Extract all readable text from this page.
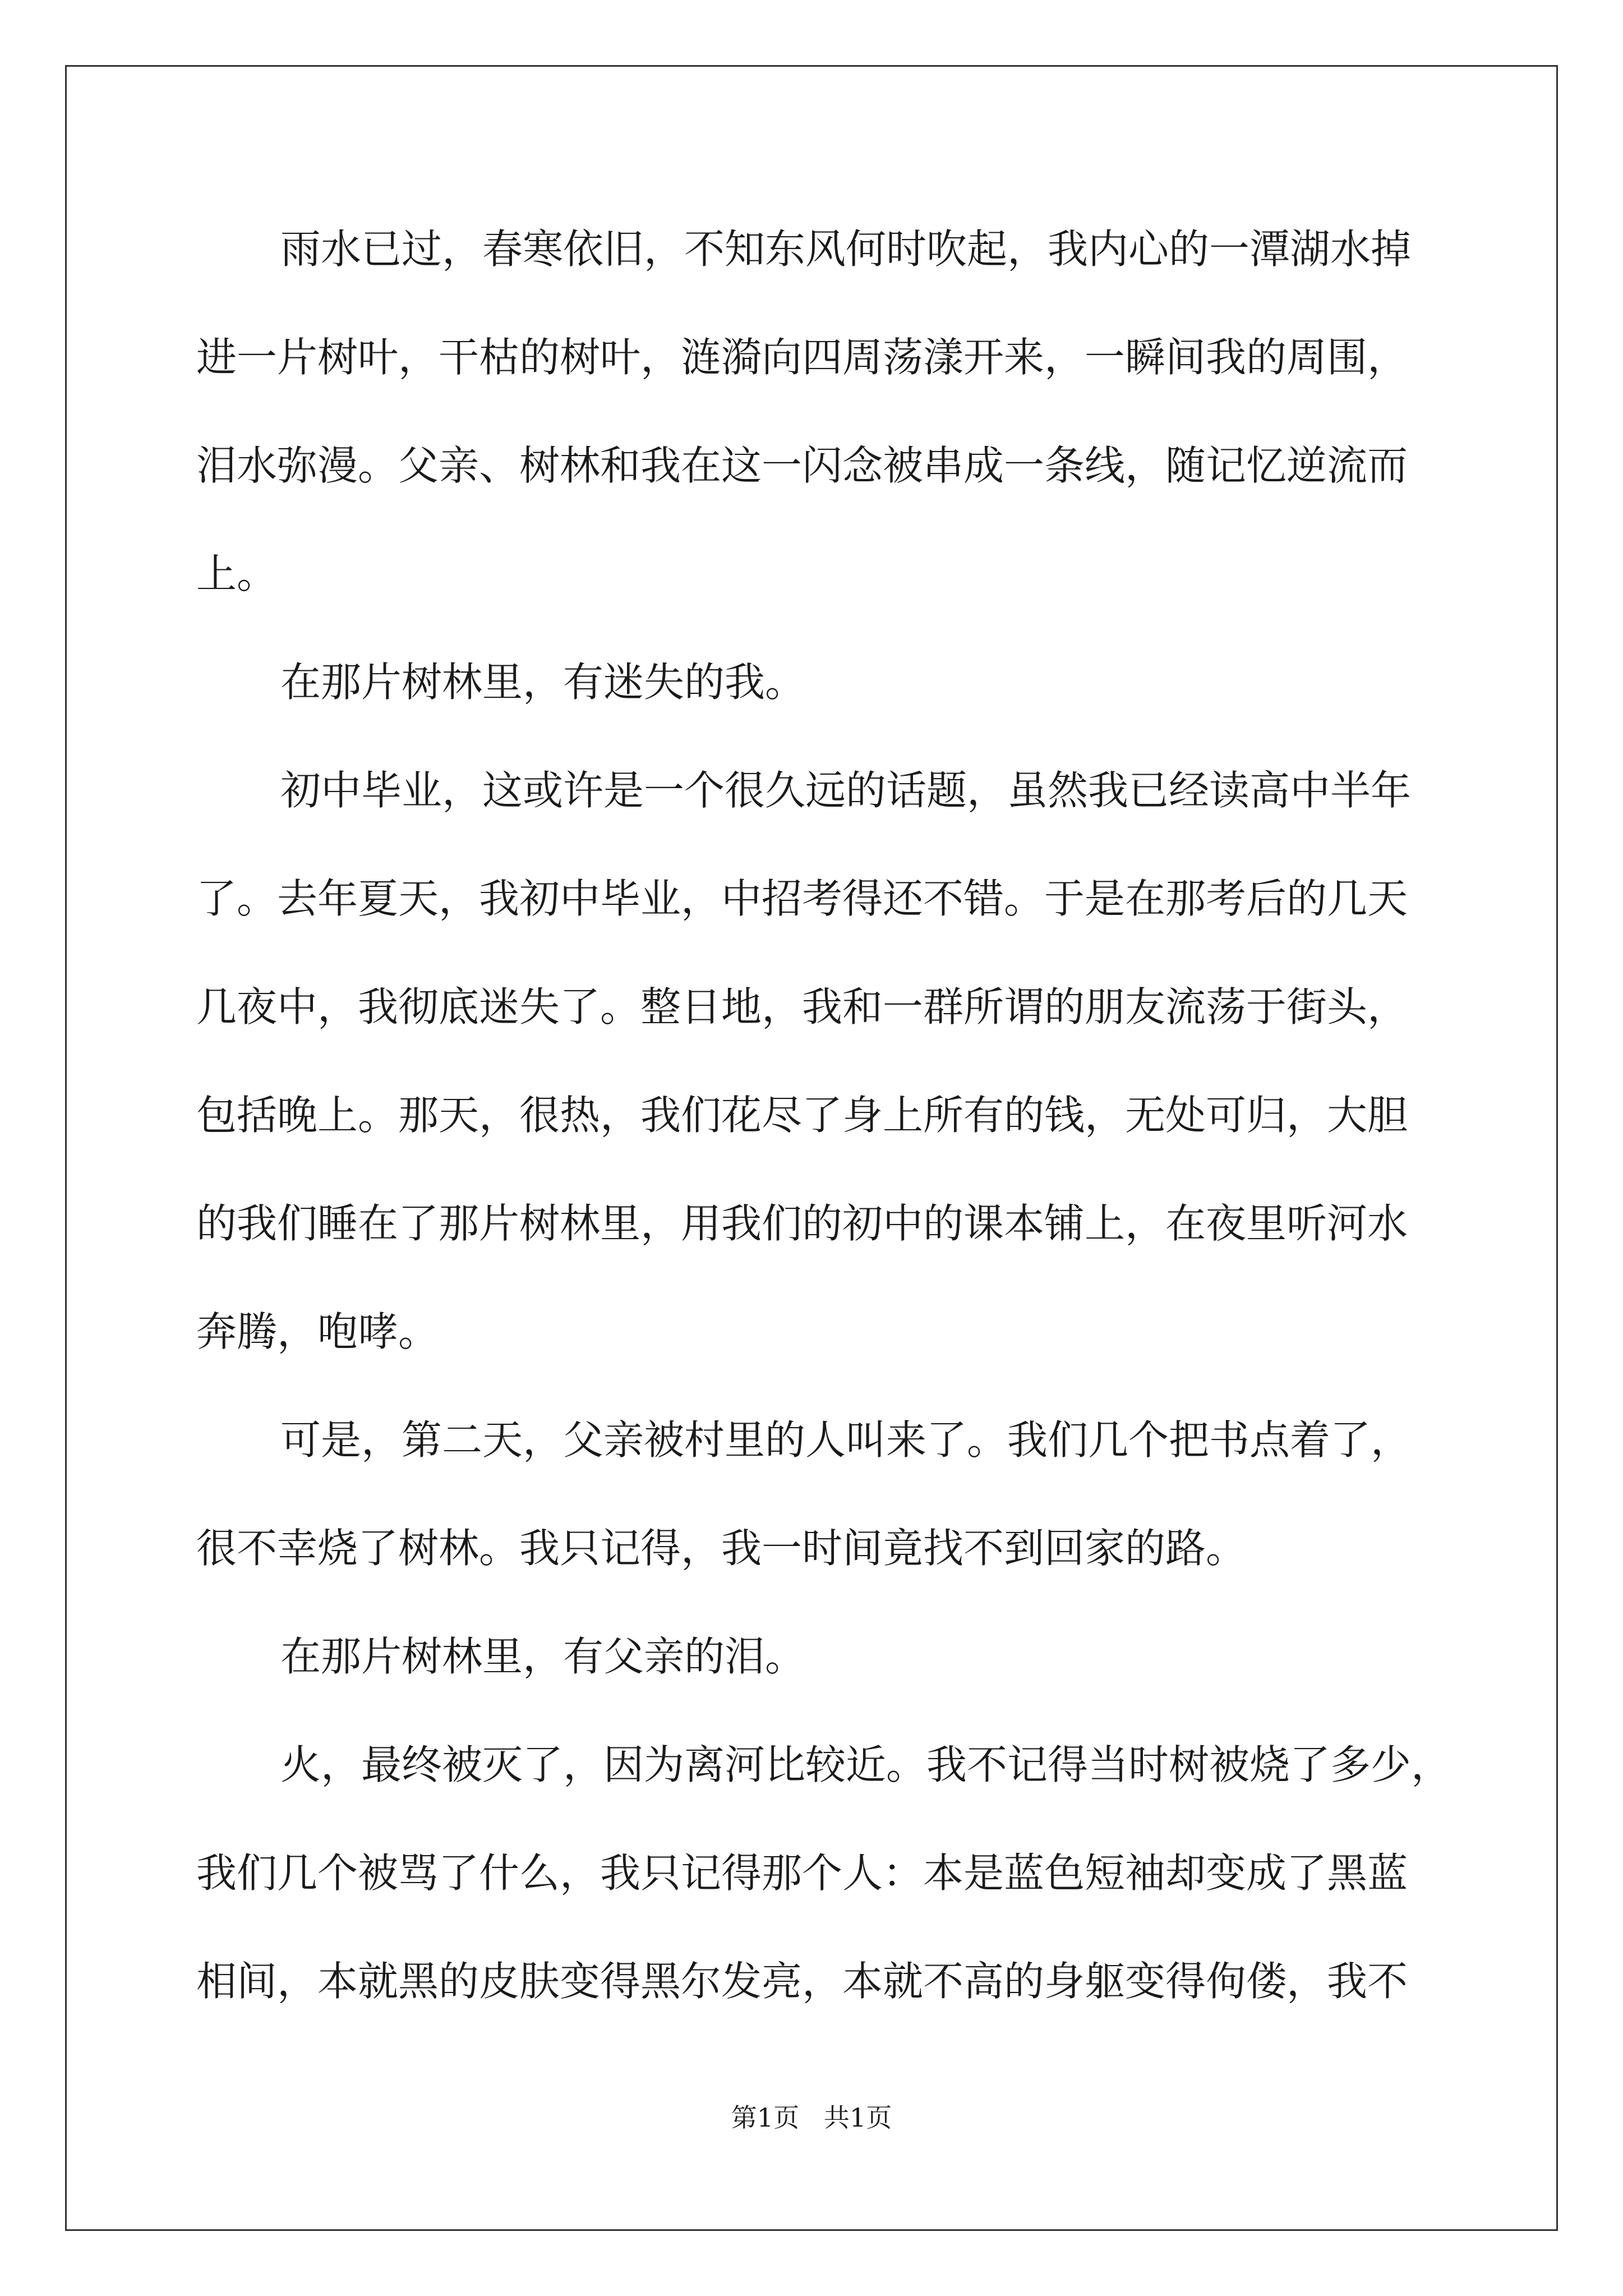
雨水已过，春寒依旧，不知东风何时吹起，我内心的一潭湖水掉
进一片树叶，干枯的树叶，涟漪向四周荡漾开来，一瞬间我的周围，
泪水弥漫。父亲、树林和我在这一闪念被串成一条线，随记忆逆流而
上。
在那片树林里，有迷失的我。
初中毕业，这或许是一个很久远的话题，虽然我已经读高中半年
了。去年夏天，我初中毕业，中招考得还不错。于是在那考后的几天
几夜中，我彻底迷失了。整日地，我和一群所谓的朋友流荡于街头，
包括晚上。那天，很热，我们花尽了身上所有的钱，无处可归，大胆
的我们睡在了那片树林里，用我们的初中的课本铺上，在夜里听河水
奔腾，咆哮。
可是，第二天，父亲被村里的人叫来了。我们几个把书点着了，
很不幸烧了树林。我只记得，我一时间竟找不到回家的路。
在那片树林里，有父亲的泪。
火，最终被灭了，因为离河比较近。我不记得当时树被烧了多少，
我们几个被骂了什么，我只记得那个人：本是蓝色短袖却变成了黑蓝
相间，本就黑的皮肤变得黑尔发亮，本就不高的身躯变得佝偻，我不
第1页   共1页
